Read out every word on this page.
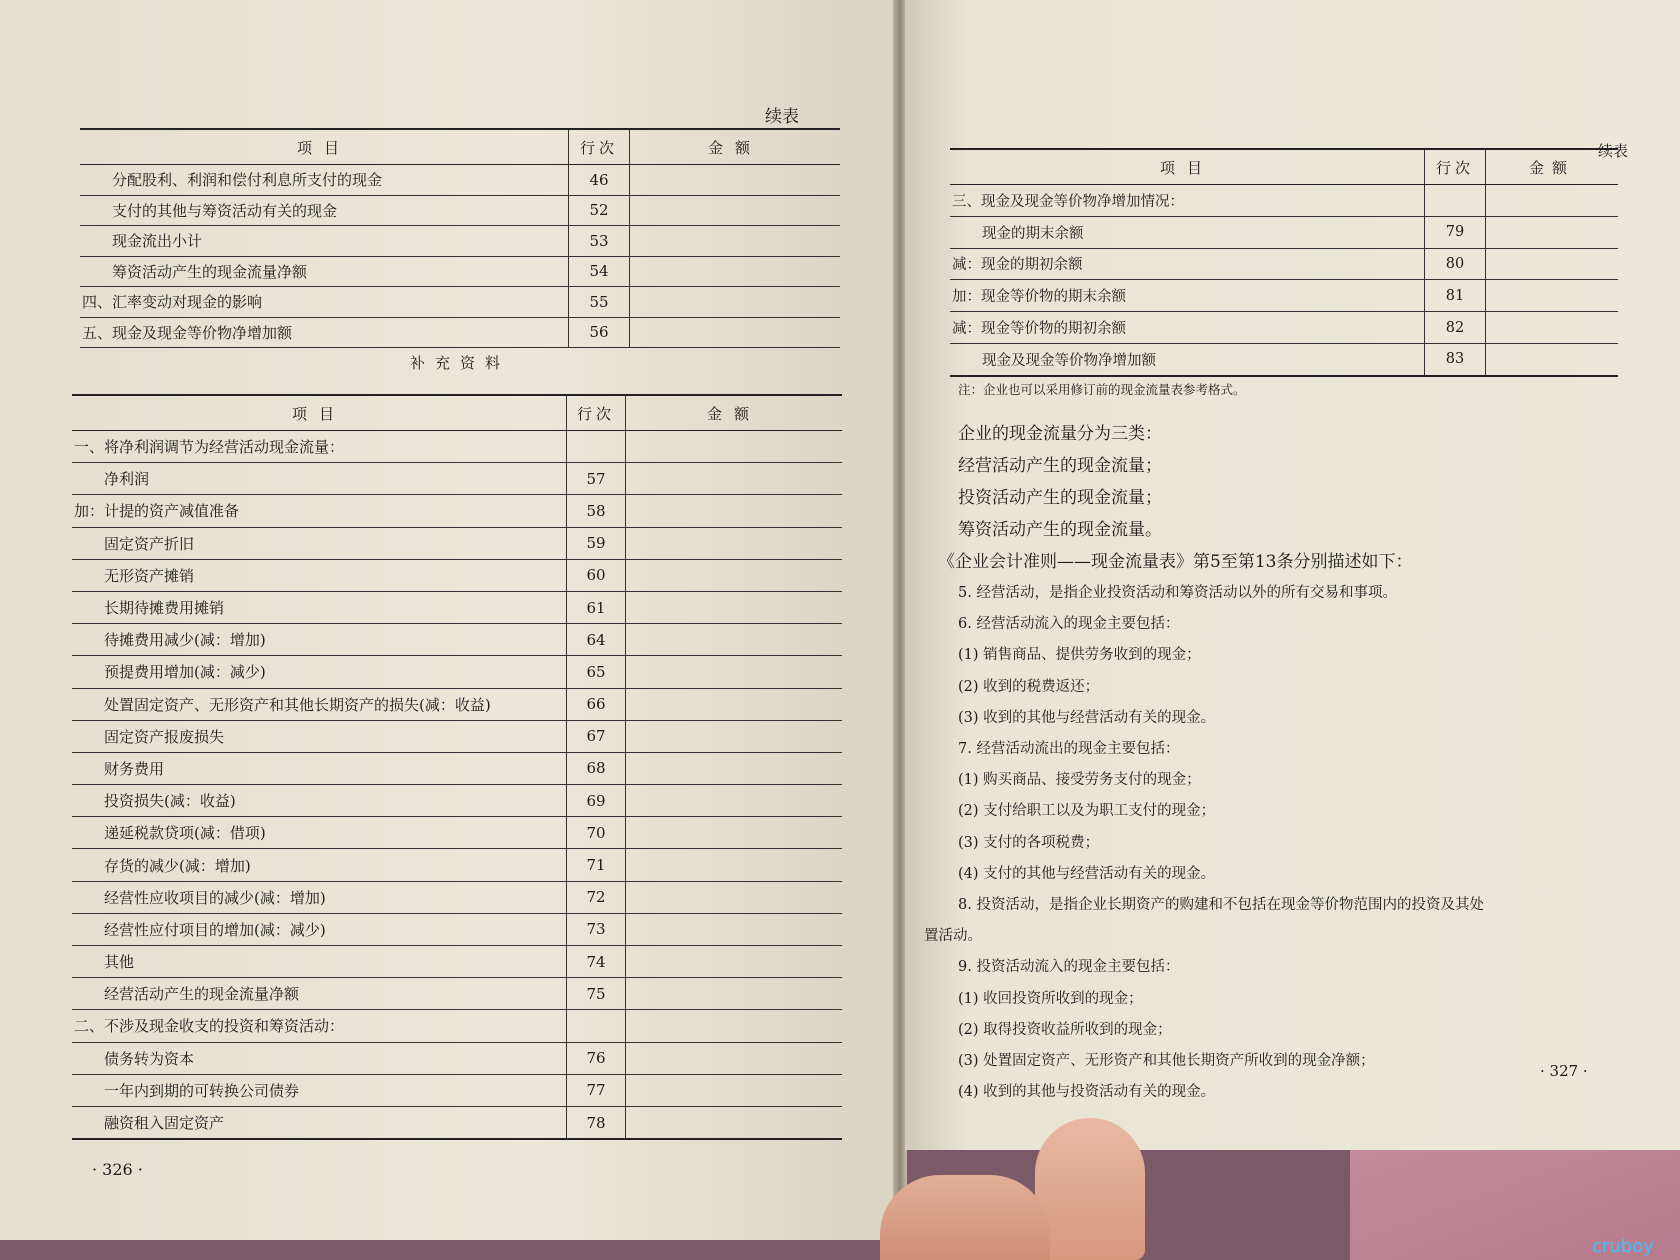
续表
项目	行次	金额
分配股利、利润和偿付利息所支付的现金	46	
支付的其他与筹资活动有关的现金	52	
现金流出小计	53	
筹资活动产生的现金流量净额	54	
四、汇率变动对现金的影响	55	
五、现金及现金等价物净增加额	56	
补充资料
项目	行次	金额
一、将净利润调节为经营活动现金流量：		
净利润	57	
加：计提的资产减值准备	58	
固定资产折旧	59	
无形资产摊销	60	
长期待摊费用摊销	61	
待摊费用减少(减：增加)	64	
预提费用增加(减：减少)	65	
处置固定资产、无形资产和其他长期资产的损失(减：收益)	66	
固定资产报废损失	67	
财务费用	68	
投资损失(减：收益)	69	
递延税款贷项(减：借项)	70	
存货的减少(减：增加)	71	
经营性应收项目的减少(减：增加)	72	
经营性应付项目的增加(减：减少)	73	
其他	74	
经营活动产生的现金流量净额	75	
二、不涉及现金收支的投资和筹资活动：		
债务转为资本	76	
一年内到期的可转换公司债券	77	
融资租入固定资产	78	
· 326 ·
续表
项目	行次	金额
三、现金及现金等价物净增加情况：		
现金的期末余额	79	
减：现金的期初余额	80	
加：现金等价物的期末余额	81	
减：现金等价物的期初余额	82	
现金及现金等价物净增加额	83	
注：企业也可以采用修订前的现金流量表参考格式。

企业的现金流量分为三类：

经营活动产生的现金流量；

投资活动产生的现金流量；

筹资活动产生的现金流量。

《企业会计准则——现金流量表》第5至第13条分别描述如下：

5. 经营活动，是指企业投资活动和筹资活动以外的所有交易和事项。

6. 经营活动流入的现金主要包括：

(1) 销售商品、提供劳务收到的现金；

(2) 收到的税费返还；

(3) 收到的其他与经营活动有关的现金。

7. 经营活动流出的现金主要包括：

(1) 购买商品、接受劳务支付的现金；

(2) 支付给职工以及为职工支付的现金；

(3) 支付的各项税费；

(4) 支付的其他与经营活动有关的现金。

8. 投资活动，是指企业长期资产的购建和不包括在现金等价物范围内的投资及其处

置活动。

9. 投资活动流入的现金主要包括：

(1) 收回投资所收到的现金；

(2) 取得投资收益所收到的现金；

(3) 处置固定资产、无形资产和其他长期资产所收到的现金净额；

(4) 收到的其他与投资活动有关的现金。

· 327 ·
cruboy
